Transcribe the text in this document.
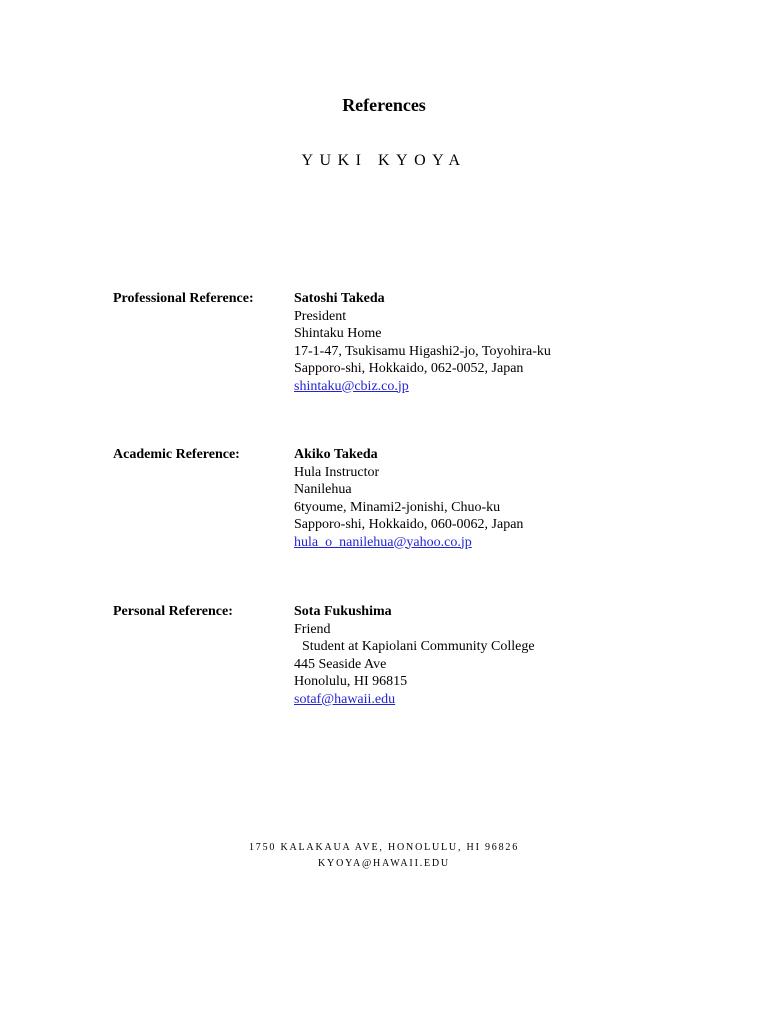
References
YUKI KYOYA
Professional Reference:	Satoshi Takeda
President
Shintaku Home
17-1-47, Tsukisamu Higashi2-jo, Toyohira-ku
Sapporo-shi, Hokkaido, 062-0052, Japan
shintaku@cbiz.co.jp
Academic Reference:	Akiko Takeda
Hula Instructor
Nanilehua
6tyoume, Minami2-jonishi, Chuo-ku
Sapporo-shi, Hokkaido, 060-0062, Japan
hula_o_nanilehua@yahoo.co.jp
Personal Reference:	Sota Fukushima
Friend
Student at Kapiolani Community College
445 Seaside Ave
Honolulu, HI 96815
sotaf@hawaii.edu
1750 KALAKAUA AVE, HONOLULU, HI 96826
KYOYA@HAWAII.EDU
